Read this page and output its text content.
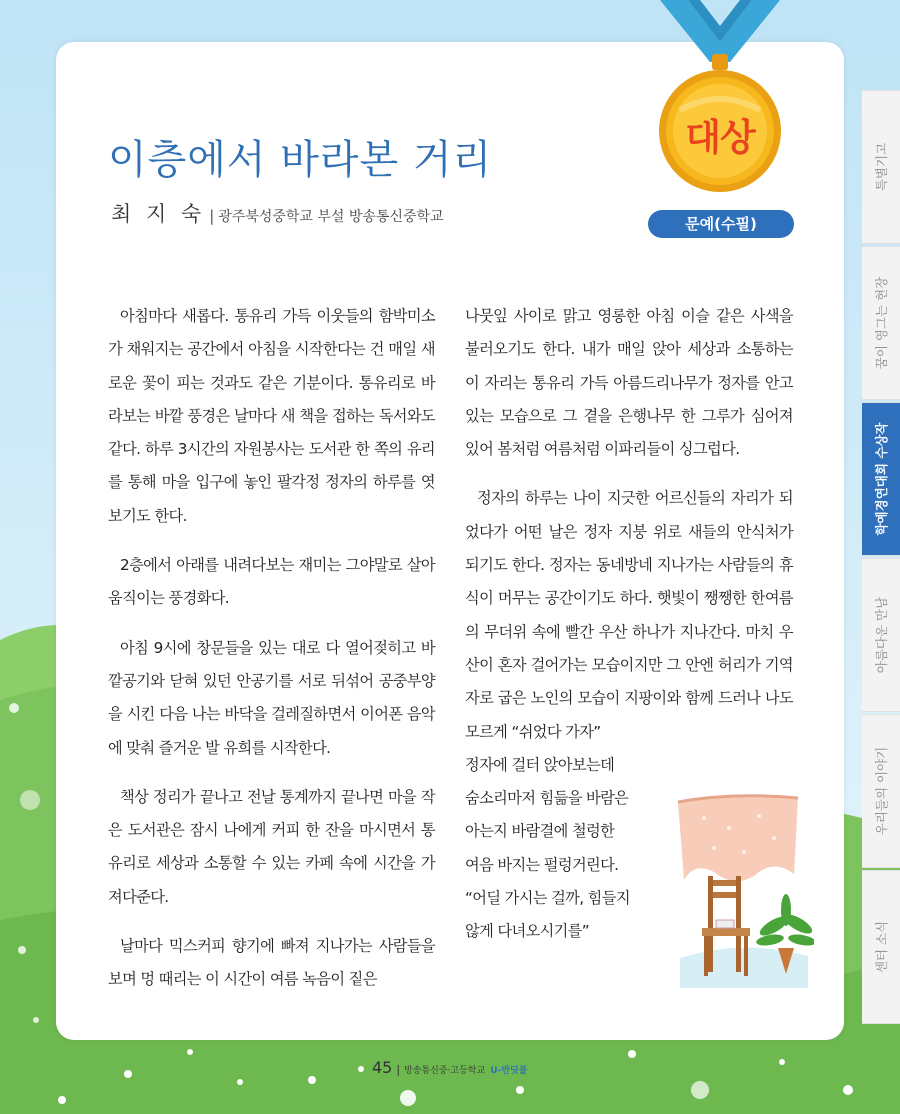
대상
문예(수필)
이층에서 바라본 거리
최 지 숙 | 광주북성중학교 부설 방송통신중학교

아침마다 새롭다. 통유리 가득 이웃들의 함박미소가 채워지는 공간에서 아침을 시작한다는 건 매일 새로운 꽃이 피는 것과도 같은 기분이다. 통유리로 바라보는 바깥 풍경은 날마다 새 책을 접하는 독서와도 같다. 하루 3시간의 자원봉사는 도서관 한 쪽의 유리를 통해 마을 입구에 놓인 팔각정 정자의 하루를 엿보기도 한다.

2층에서 아래를 내려다보는 재미는 그야말로 살아 움직이는 풍경화다.

아침 9시에 창문들을 있는 대로 다 열어젖히고 바깥공기와 닫혀 있던 안공기를 서로 뒤섞어 공중부양을 시킨 다음 나는 바닥을 걸레질하면서 이어폰 음악에 맞춰 즐거운 발 유희를 시작한다.

책상 정리가 끝나고 전날 통계까지 끝나면 마을 작은 도서관은 잠시 나에게 커피 한 잔을 마시면서 통유리로 세상과 소통할 수 있는 카페 속에 시간을 가져다준다.

날마다 믹스커피 향기에 빠져 지나가는 사람들을 보며 멍 때리는 이 시간이 여름 녹음이 짙은

나뭇잎 사이로 맑고 영롱한 아침 이슬 같은 사색을 불러오기도 한다. 내가 매일 앉아 세상과 소통하는 이 자리는 통유리 가득 아름드리나무가 정자를 안고 있는 모습으로 그 곁을 은행나무 한 그루가 심어져 있어 봄처럼 여름처럼 이파리들이 싱그럽다.

정자의 하루는 나이 지긋한 어르신들의 자리가 되었다가 어떤 날은 정자 지붕 위로 새들의 안식처가 되기도 한다. 정자는 동네방네 지나가는 사람들의 휴식이 머무는 공간이기도 하다. 햇빛이 쨍쨍한 한여름의 무더위 속에 빨간 우산 하나가 지나간다. 마치 우산이 혼자 걸어가는 모습이지만 그 안엔 허리가 기역 자로 굽은 노인의 모습이 지팡이와 함께 드러나 나도 모르게 “쉬었다 가자”

정자에 걸터 앉아보는데
숨소리마저 힘듦을 바람은
아는지 바람결에 철렁한
여음 바지는 펄렁거린다.
“어딜 가시는 걸까, 힘들지
않게 다녀오시기를”
특별기고
꿈이 영그는 현장
학예경연대회 수상작
아름다운 만남
우리들의 이야기
센터 소식
45 | 방송통신중·고등학교 U-반딧불
